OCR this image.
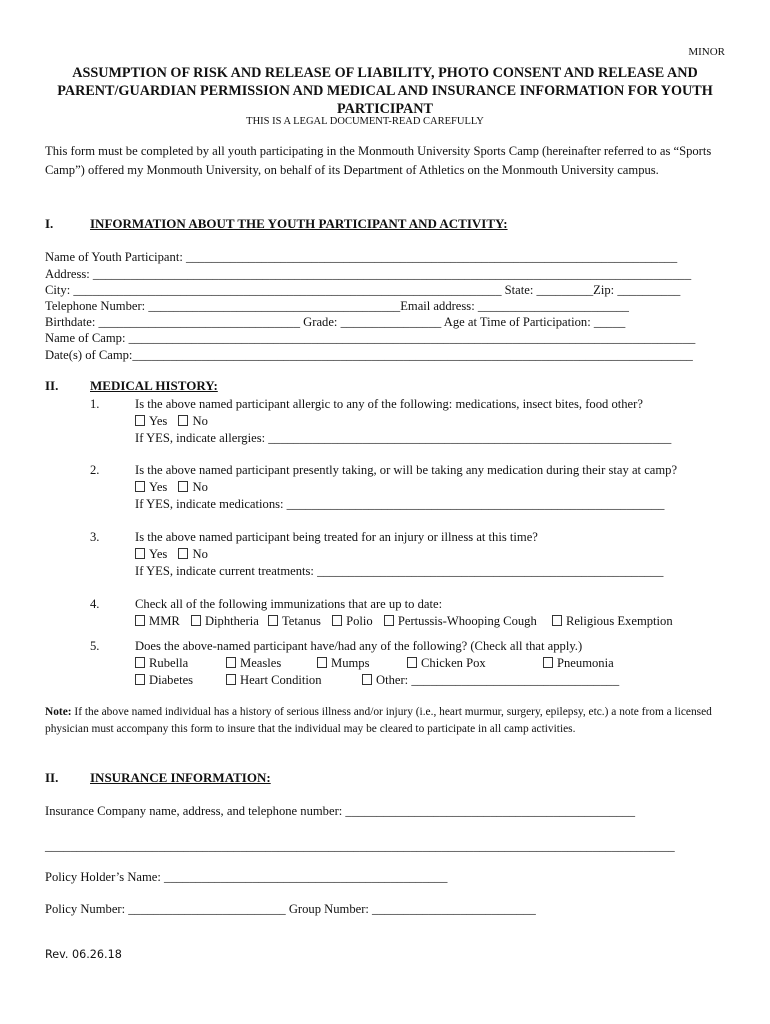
MINOR
ASSUMPTION OF RISK AND RELEASE OF LIABILITY, PHOTO CONSENT AND RELEASE AND PARENT/GUARDIAN PERMISSION AND MEDICAL AND INSURANCE INFORMATION FOR YOUTH PARTICIPANT
THIS IS A LEGAL DOCUMENT-READ CAREFULLY
This form must be completed by all youth participating in the Monmouth University Sports Camp (hereinafter referred to as “Sports Camp”) offered my Monmouth University, on behalf of its Department of Athletics on the Monmouth University campus.
I.	INFORMATION ABOUT THE YOUTH PARTICIPANT AND ACTIVITY:
Name of Youth Participant: ______________________________________________________________________________
Address: _______________________________________________________________________________________________
City: ____________________________________________________________________ State: _________Zip: __________
Telephone Number: ________________________________________Email address: ________________________
Birthdate: ________________________________ Grade: ________________ Age at Time of Participation: _____
Name of Camp: __________________________________________________________________________________________
Date(s) of Camp:_________________________________________________________________________________________
II. MEDICAL HISTORY:
1.	Is the above named participant allergic to any of the following: medications, insect bites, food other?
Yes No
If YES, indicate allergies: ________________________________________________________________
2.	Is the above named participant presently taking, or will be taking any medication during their stay at camp?
Yes No
If YES, indicate medications: ____________________________________________________________
3.	Is the above named participant being treated for an injury or illness at this time?
Yes No
If YES, indicate current treatments: _______________________________________________________
4.	Check all of the following immunizations that are up to date:
MMR Diphtheria Tetanus Polio Pertussis-Whooping Cough Religious Exemption
5.	Does the above-named participant have/had any of the following? (Check all that apply.)
Rubella	Measles	Mumps	Chicken Pox	Pneumonia
Diabetes	Heart Condition	Other: _________________________________
Note: If the above named individual has a history of serious illness and/or injury (i.e., heart murmur, surgery, epilepsy, etc.) a note from a licensed physician must accompany this form to insure that the individual may be cleared to participate in all camp activities.
II. INSURANCE INFORMATION:
Insurance Company name, address, and telephone number: ______________________________________________
____________________________________________________________________________________________________
Policy Holder’s Name: _____________________________________________
Policy Number: _________________________ Group Number: __________________________
Rev. 06.26.18
